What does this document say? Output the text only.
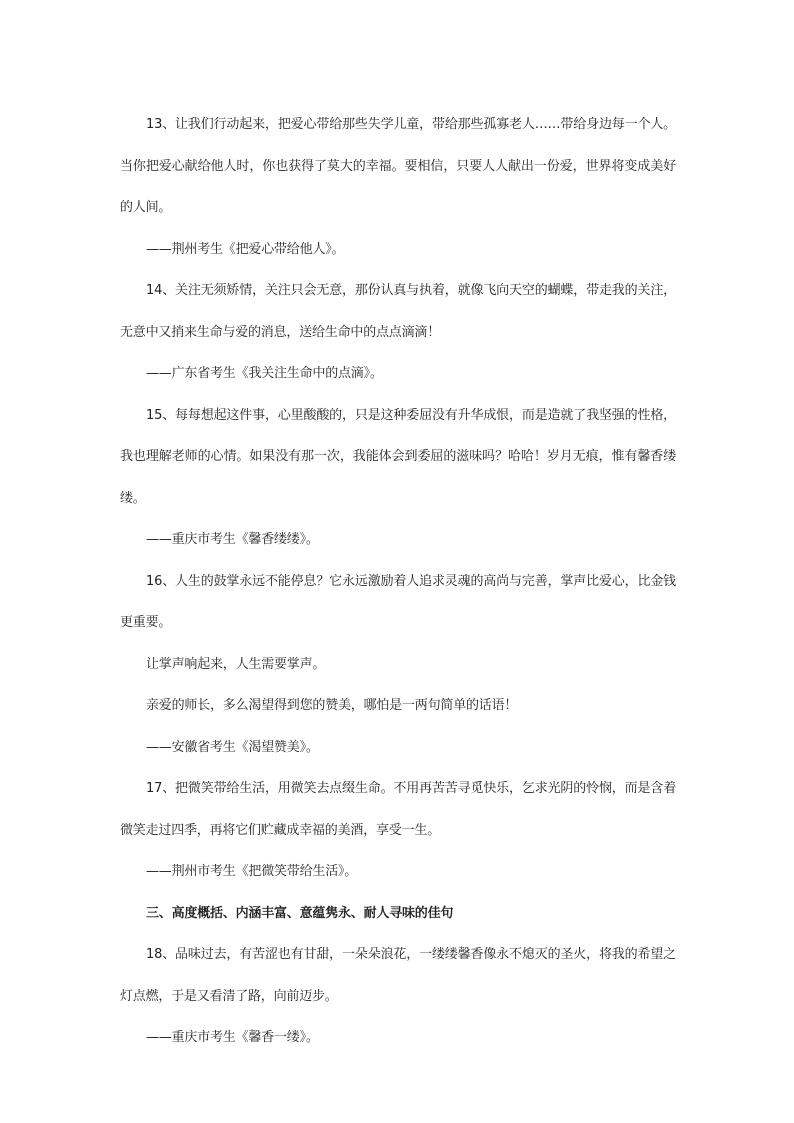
13、让我们行动起来，把爱心带给那些失学儿童，带给那些孤寡老人……带给身边每一个人。当你把爱心献给他人时，你也获得了莫大的幸福。要相信，只要人人献出一份爱，世界将变成美好的人间。

——荆州考生《把爱心带给他人》。

14、关注无须矫情，关注只会无意，那份认真与执着，就像飞向天空的蝴蝶，带走我的关注，无意中又捎来生命与爱的消息，送给生命中的点点滴滴！

——广东省考生《我关注生命中的点滴》。

15、每每想起这件事，心里酸酸的，只是这种委屈没有升华成恨，而是造就了我坚强的性格，我也理解老师的心情。如果没有那一次，我能体会到委屈的滋味吗？哈哈！岁月无痕，惟有馨香缕缕。

——重庆市考生《馨香缕缕》。

16、人生的鼓掌永远不能停息？它永远激励着人追求灵魂的高尚与完善，掌声比爱心，比金钱更重要。

让掌声响起来，人生需要掌声。

亲爱的师长，多么渴望得到您的赞美，哪怕是一两句简单的话语！

——安徽省考生《渴望赞美》。

17、把微笑带给生活，用微笑去点缀生命。不用再苦苦寻觅快乐，乞求光阴的怜悯，而是含着微笑走过四季，再将它们贮藏成幸福的美酒，享受一生。

——荆州市考生《把微笑带给生活》。

三、高度概括、内涵丰富、意蕴隽永、耐人寻味的佳句

18、品味过去，有苦涩也有甘甜，一朵朵浪花，一缕缕馨香像永不熄灭的圣火，将我的希望之灯点燃，于是又看清了路，向前迈步。

——重庆市考生《馨香一缕》。
